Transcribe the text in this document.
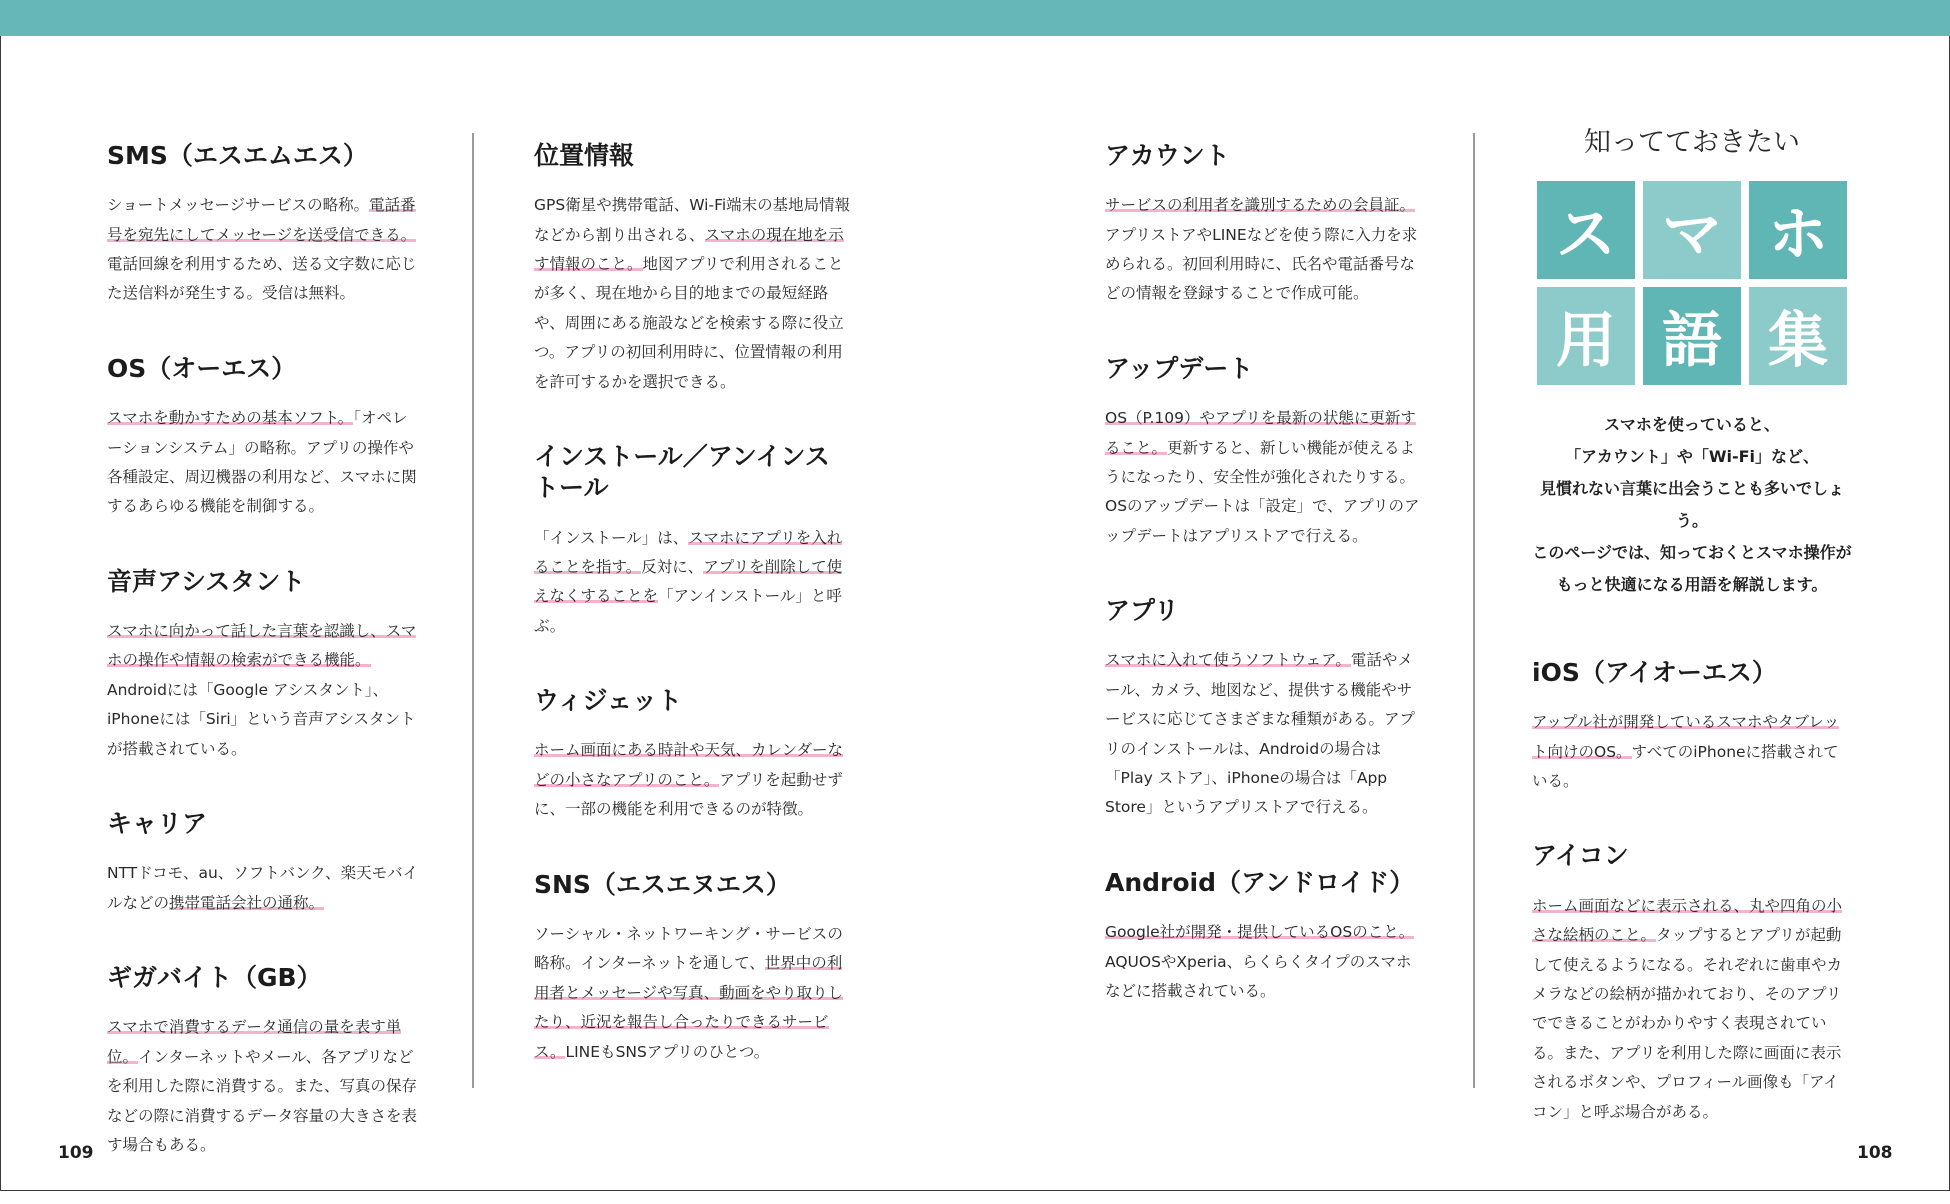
SMS（エスエムエス）

ショートメッセージサービスの略称。電話番号を宛先にしてメッセージを送受信できる。電話回線を利用するため、送る文字数に応じた送信料が発生する。受信は無料。

OS（オーエス）

スマホを動かすための基本ソフト。「オペレーションシステム」の略称。アプリの操作や各種設定、周辺機器の利用など、スマホに関するあらゆる機能を制御する。

音声アシスタント

スマホに向かって話した言葉を認識し、スマホの操作や情報の検索ができる機能。Androidには「Google アシスタント」、iPhoneには「Siri」という音声アシスタントが搭載されている。

キャリア

NTTドコモ、au、ソフトバンク、楽天モバイルなどの携帯電話会社の通称。

ギガバイト（GB）

スマホで消費するデータ通信の量を表す単位。インターネットやメール、各アプリなどを利用した際に消費する。また、写真の保存などの際に消費するデータ容量の大きさを表す場合もある。

位置情報

GPS衛星や携帯電話、Wi-Fi端末の基地局情報などから割り出される、スマホの現在地を示す情報のこと。地図アプリで利用されることが多く、現在地から目的地までの最短経路や、周囲にある施設などを検索する際に役立つ。アプリの初回利用時に、位置情報の利用を許可するかを選択できる。

インストール／アンインストール

「インストール」は、スマホにアプリを入れることを指す。反対に、アプリを削除して使えなくすることを「アンインストール」と呼ぶ。

ウィジェット

ホーム画面にある時計や天気、カレンダーなどの小さなアプリのこと。アプリを起動せずに、一部の機能を利用できるのが特徴。

SNS（エスエヌエス）

ソーシャル・ネットワーキング・サービスの略称。インターネットを通して、世界中の利用者とメッセージや写真、動画をやり取りしたり、近況を報告し合ったりできるサービス。LINEもSNSアプリのひとつ。

アカウント

サービスの利用者を識別するための会員証。アプリストアやLINEなどを使う際に入力を求められる。初回利用時に、氏名や電話番号などの情報を登録することで作成可能。

アップデート

OS（P.109）やアプリを最新の状態に更新すること。更新すると、新しい機能が使えるようになったり、安全性が強化されたりする。OSのアップデートは「設定」で、アプリのアップデートはアプリストアで行える。

アプリ

スマホに入れて使うソフトウェア。電話やメール、カメラ、地図など、提供する機能やサービスに応じてさまざまな種類がある。アプリのインストールは、Androidの場合は「Play ストア」、iPhoneの場合は「App Store」というアプリストアで行える。

Android（アンドロイド）

Google社が開発・提供しているOSのこと。AQUOSやXperia、らくらくタイプのスマホなどに搭載されている。

知ってておきたい
ス マ ホ
用 語 集
スマホを使っていると、
「アカウント」や「Wi-Fi」など、
見慣れない言葉に出会うことも多いでしょう。
このページでは、知っておくとスマホ操作が
もっと快適になる用語を解説します。
iOS（アイオーエス）

アップル社が開発しているスマホやタブレット向けのOS。すべてのiPhoneに搭載されている。

アイコン

ホーム画面などに表示される、丸や四角の小さな絵柄のこと。タップするとアプリが起動して使えるようになる。それぞれに歯車やカメラなどの絵柄が描かれており、そのアプリでできることがわかりやすく表現されている。また、アプリを利用した際に画面に表示されるボタンや、プロフィール画像も「アイコン」と呼ぶ場合がある。

109	108
